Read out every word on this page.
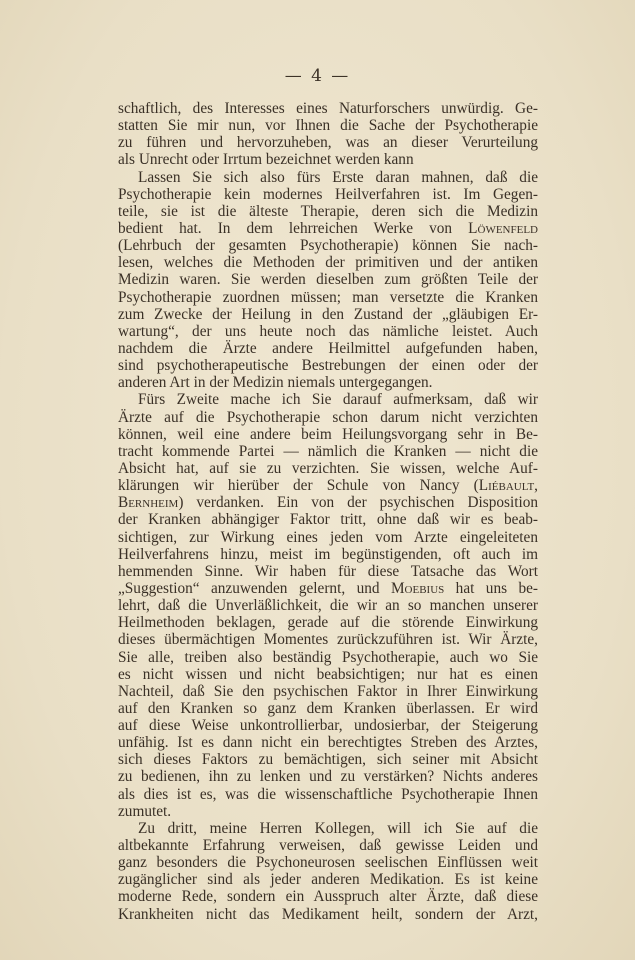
— 4 —
schaftlich, des Interesses eines Naturforschers unwürdig. Ge-
statten Sie mir nun, vor Ihnen die Sache der Psychotherapie
zu führen und hervorzuheben, was an dieser Verurteilung
als Unrecht oder Irrtum bezeichnet werden kann
Lassen Sie sich also fürs Erste daran mahnen, daß die
Psychotherapie kein modernes Heilverfahren ist. Im Gegen-
teile, sie ist die älteste Therapie, deren sich die Medizin
bedient hat. In dem lehrreichen Werke von Löwenfeld
(Lehrbuch der gesamten Psychotherapie) können Sie nach-
lesen, welches die Methoden der primitiven und der antiken
Medizin waren. Sie werden dieselben zum größten Teile der
Psychotherapie zuordnen müssen; man versetzte die Kranken
zum Zwecke der Heilung in den Zustand der „gläubigen Er-
wartung“, der uns heute noch das nämliche leistet. Auch
nachdem die Ärzte andere Heilmittel aufgefunden haben,
sind psychotherapeutische Bestrebungen der einen oder der
anderen Art in der Medizin niemals untergegangen.
Fürs Zweite mache ich Sie darauf aufmerksam, daß wir
Ärzte auf die Psychotherapie schon darum nicht verzichten
können, weil eine andere beim Heilungsvorgang sehr in Be-
tracht kommende Partei — nämlich die Kranken — nicht die
Absicht hat, auf sie zu verzichten. Sie wissen, welche Auf-
klärungen wir hierüber der Schule von Nancy (Liébault,
Bernheim) verdanken. Ein von der psychischen Disposition
der Kranken abhängiger Faktor tritt, ohne daß wir es beab-
sichtigen, zur Wirkung eines jeden vom Arzte eingeleiteten
Heilverfahrens hinzu, meist im begünstigenden, oft auch im
hemmenden Sinne. Wir haben für diese Tatsache das Wort
„Suggestion“ anzuwenden gelernt, und Moebius hat uns be-
lehrt, daß die Unverläßlichkeit, die wir an so manchen unserer
Heilmethoden beklagen, gerade auf die störende Einwirkung
dieses übermächtigen Momentes zurückzuführen ist. Wir Ärzte,
Sie alle, treiben also beständig Psychotherapie, auch wo Sie
es nicht wissen und nicht beabsichtigen; nur hat es einen
Nachteil, daß Sie den psychischen Faktor in Ihrer Einwirkung
auf den Kranken so ganz dem Kranken überlassen. Er wird
auf diese Weise unkontrollierbar, undosierbar, der Steigerung
unfähig. Ist es dann nicht ein berechtigtes Streben des Arztes,
sich dieses Faktors zu bemächtigen, sich seiner mit Absicht
zu bedienen, ihn zu lenken und zu verstärken? Nichts anderes
als dies ist es, was die wissenschaftliche Psychotherapie Ihnen
zumutet.
Zu dritt, meine Herren Kollegen, will ich Sie auf die
altbekannte Erfahrung verweisen, daß gewisse Leiden und
ganz besonders die Psychoneurosen seelischen Einflüssen weit
zugänglicher sind als jeder anderen Medikation. Es ist keine
moderne Rede, sondern ein Ausspruch alter Ärzte, daß diese
Krankheiten nicht das Medikament heilt, sondern der Arzt,
